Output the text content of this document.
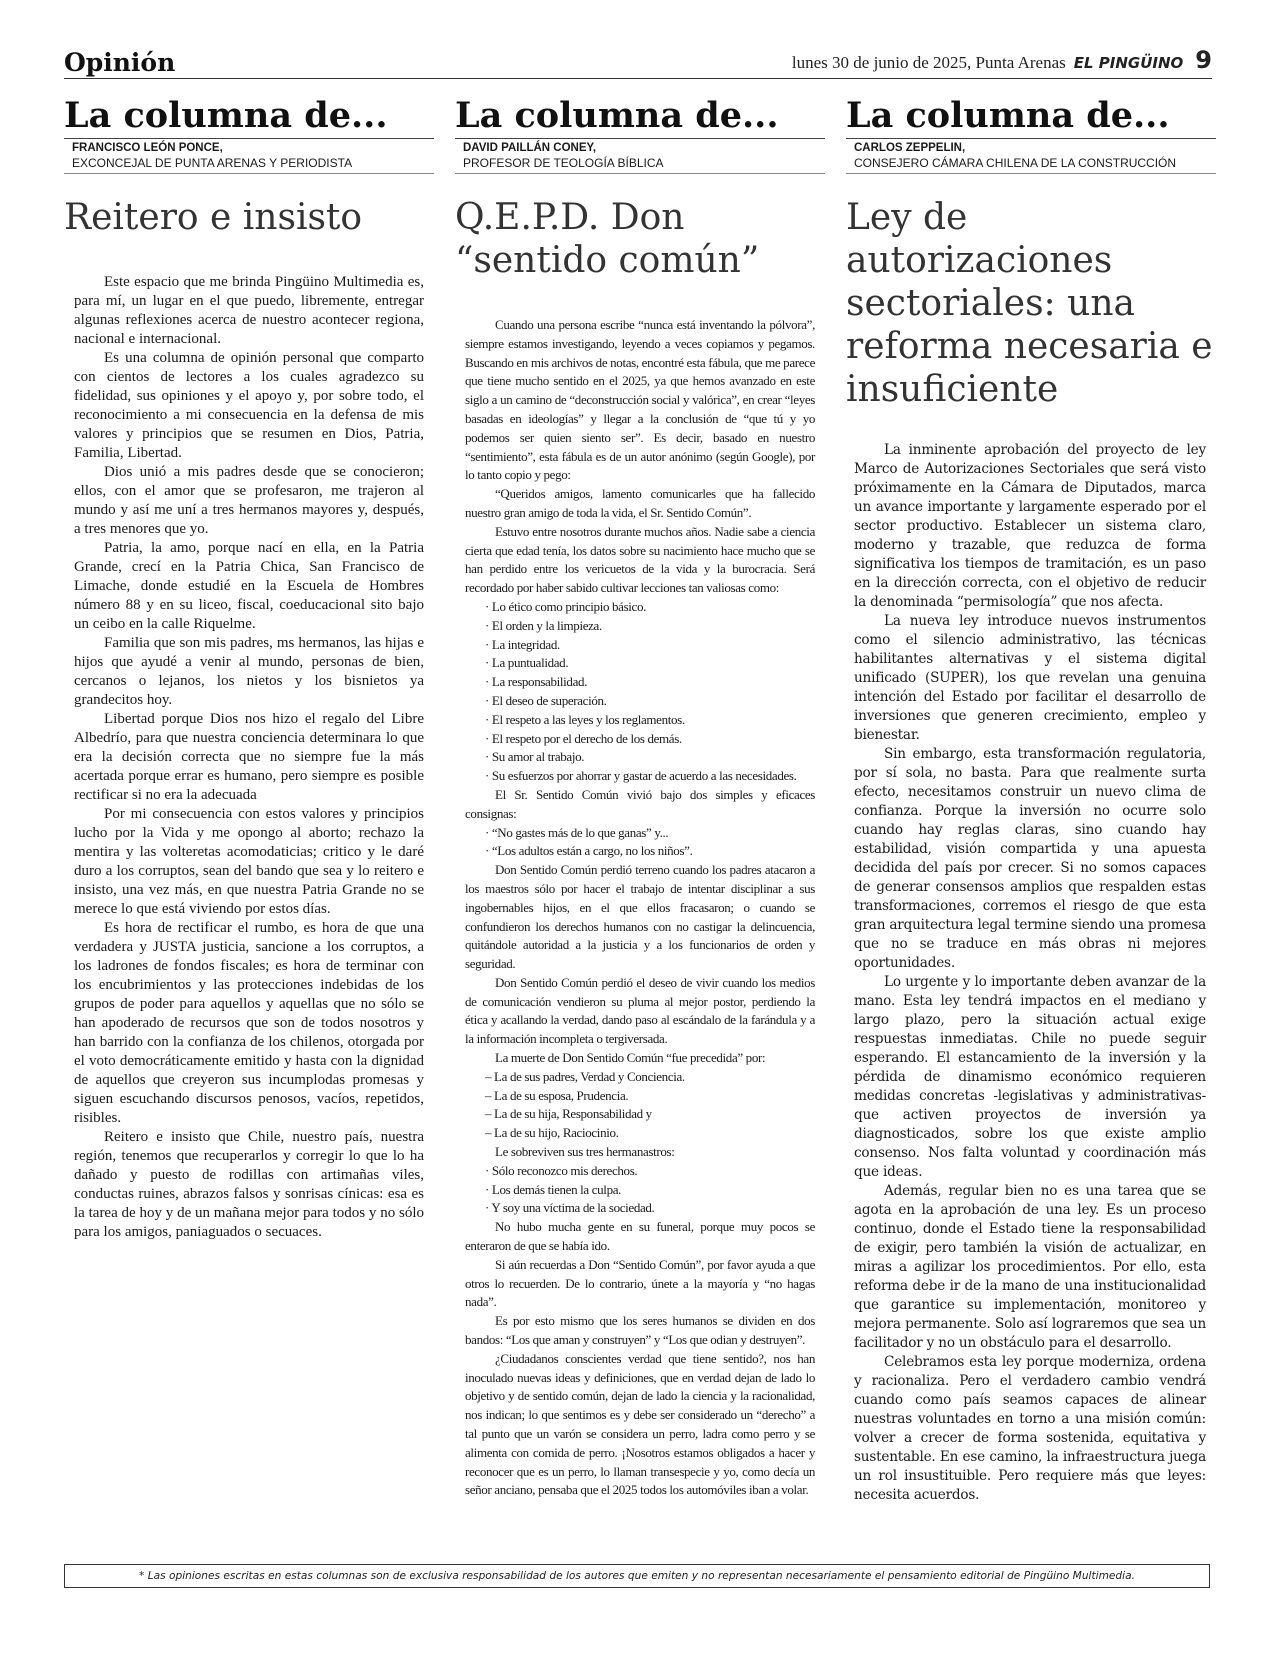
Opinión	lunes 30 de junio de 2025, Punta Arenas EL PINGÜINO 9
La columna de...
FRANCISCO LEÓN PONCE,
EXCONCEJAL DE PUNTA ARENAS Y PERIODISTA
Reitero e insisto

Este espacio que me brinda Pingüino Multimedia es, para mí, un lugar en el que puedo, libremente, entregar algunas reflexiones acerca de nuestro acontecer regiona, nacional e internacional.

Es una columna de opinión personal que comparto con cientos de lectores a los cuales agradezco su fidelidad, sus opiniones y el apoyo y, por sobre todo, el reconocimiento a mi consecuencia en la defensa de mis valores y principios que se resumen en Dios, Patria, Familia, Libertad.

Dios unió a mis padres desde que se conocieron; ellos, con el amor que se profesaron, me trajeron al mundo y así me uní a tres hermanos mayores y, después, a tres menores que yo.

Patria, la amo, porque nací en ella, en la Patria Grande, crecí en la Patria Chica, San Francisco de Limache, donde estudié en la Escuela de Hombres número 88 y en su liceo, fiscal, coeducacional sito bajo un ceibo en la calle Riquelme.

Familia que son mis padres, ms hermanos, las hijas e hijos que ayudé a venir al mundo, personas de bien, cercanos o lejanos, los nietos y los bisnietos ya grandecitos hoy.

Libertad porque Dios nos hizo el regalo del Libre Albedrío, para que nuestra conciencia determinara lo que era la decisión correcta que no siempre fue la más acertada porque errar es humano, pero siempre es posible rectificar si no era la adecuada

Por mi consecuencia con estos valores y principios lucho por la Vida y me opongo al aborto; rechazo la mentira y las volteretas acomodaticias; critico y le daré duro a los corruptos, sean del bando que sea y lo reitero e insisto, una vez más, en que nuestra Patria Grande no se merece lo que está viviendo por estos días.

Es hora de rectificar el rumbo, es hora de que una verdadera y JUSTA justicia, sancione a los corruptos, a los ladrones de fondos fiscales; es hora de terminar con los encubrimientos y las protecciones indebidas de los grupos de poder para aquellos y aquellas que no sólo se han apoderado de recursos que son de todos nosotros y han barrido con la confianza de los chilenos, otorgada por el voto democráticamente emitido y hasta con la dignidad de aquellos que creyeron sus incumplodas promesas y siguen escuchando discursos penosos, vacíos, repetidos, risibles.

Reitero e insisto que Chile, nuestro país, nuestra región, tenemos que recuperarlos y corregir lo que lo ha dañado y puesto de rodillas con artimañas viles, conductas ruines, abrazos falsos y sonrisas cínicas: esa es la tarea de hoy y de un mañana mejor para todos y no sólo para los amigos, paniaguados o secuaces.

La columna de...
DAVID PAILLÁN CONEY,
PROFESOR DE TEOLOGÍA BÍBLICA
Q.E.P.D. Don “sentido común”

Cuando una persona escribe “nunca está inventando la pólvora”, siempre estamos investigando, leyendo a veces copiamos y pegamos. Buscando en mis archivos de notas, encontré esta fábula, que me parece que tiene mucho sentido en el 2025, ya que hemos avanzado en este siglo a un camino de “deconstrucción social y valórica”, en crear “leyes basadas en ideologías” y llegar a la conclusión de “que tú y yo podemos ser quien siento ser”. Es decir, basado en nuestro “sentimiento”, esta fábula es de un autor anónimo (según Google), por lo tanto copio y pego:

“Queridos amigos, lamento comunicarles que ha fallecido nuestro gran amigo de toda la vida, el Sr. Sentido Común”.

Estuvo entre nosotros durante muchos años. Nadie sabe a ciencia cierta que edad tenía, los datos sobre su nacimiento hace mucho que se han perdido entre los vericuetos de la vida y la burocracia. Será recordado por haber sabido cultivar lecciones tan valiosas como:

· Lo ético como principio básico.

· El orden y la limpieza.

· La integridad.

· La puntualidad.

· La responsabilidad.

· El deseo de superación.

· El respeto a las leyes y los reglamentos.

· El respeto por el derecho de los demás.

· Su amor al trabajo.

· Su esfuerzos por ahorrar y gastar de acuerdo a las necesidades.

El Sr. Sentido Común vivió bajo dos simples y eficaces consignas:

· “No gastes más de lo que ganas” y...

· “Los adultos están a cargo, no los niños”.

Don Sentido Común perdió terreno cuando los padres atacaron a los maestros sólo por hacer el trabajo de intentar disciplinar a sus ingobernables hijos, en el que ellos fracasaron; o cuando se confundieron los derechos humanos con no castigar la delincuencia, quitándole autoridad a la justicia y a los funcionarios de orden y seguridad.

Don Sentido Común perdió el deseo de vivir cuando los medios de comunicación vendieron su pluma al mejor postor, perdiendo la ética y acallando la verdad, dando paso al escándalo de la farándula y a la información incompleta o tergiversada.

La muerte de Don Sentido Común “fue precedida” por:

– La de sus padres, Verdad y Conciencia.

– La de su esposa, Prudencia.

– La de su hija, Responsabilidad y

– La de su hijo, Raciocinio.

Le sobreviven sus tres hermanastros:

· Sólo reconozco mis derechos.

· Los demás tienen la culpa.

· Y soy una víctima de la sociedad.

No hubo mucha gente en su funeral, porque muy pocos se enteraron de que se había ido.

Si aún recuerdas a Don “Sentido Común”, por favor ayuda a que otros lo recuerden. De lo contrario, únete a la mayoría y “no hagas nada”.

Es por esto mismo que los seres humanos se dividen en dos bandos: “Los que aman y construyen” y “Los que odian y destruyen”.

¿Ciudadanos conscientes verdad que tiene sentido?, nos han inoculado nuevas ideas y definiciones, que en verdad dejan de lado lo objetivo y de sentido común, dejan de lado la ciencia y la racionalidad, nos indican; lo que sentimos es y debe ser considerado un “derecho” a tal punto que un varón se considera un perro, ladra como perro y se alimenta con comida de perro. ¡Nosotros estamos obligados a hacer y reconocer que es un perro, lo llaman transespecie y yo, como decía un señor anciano, pensaba que el 2025 todos los automóviles iban a volar.

La columna de...
CARLOS ZEPPELIN,
CONSEJERO CÁMARA CHILENA DE LA CONSTRUCCIÓN
Ley de autorizaciones sectoriales: una reforma necesaria e insuficiente

La inminente aprobación del proyecto de ley Marco de Autorizaciones Sectoriales que será visto próximamente en la Cámara de Diputados, marca un avance importante y largamente esperado por el sector productivo. Establecer un sistema claro, moderno y trazable, que reduzca de forma significativa los tiempos de tramitación, es un paso en la dirección correcta, con el objetivo de reducir la denominada “permisología” que nos afecta.

La nueva ley introduce nuevos instrumentos como el silencio administrativo, las técnicas habilitantes alternativas y el sistema digital unificado (SUPER), los que revelan una genuina intención del Estado por facilitar el desarrollo de inversiones que generen crecimiento, empleo y bienestar.

Sin embargo, esta transformación regulatoria, por sí sola, no basta. Para que realmente surta efecto, necesitamos construir un nuevo clima de confianza. Porque la inversión no ocurre solo cuando hay reglas claras, sino cuando hay estabilidad, visión compartida y una apuesta decidida del país por crecer. Si no somos capaces de generar consensos amplios que respalden estas transformaciones, corremos el riesgo de que esta gran arquitectura legal termine siendo una promesa que no se traduce en más obras ni mejores oportunidades.

Lo urgente y lo importante deben avanzar de la mano. Esta ley tendrá impactos en el mediano y largo plazo, pero la situación actual exige respuestas inmediatas. Chile no puede seguir esperando. El estancamiento de la inversión y la pérdida de dinamismo económico requieren medidas concretas -legislativas y administrativas- que activen proyectos de inversión ya diagnosticados, sobre los que existe amplio consenso. Nos falta voluntad y coordinación más que ideas.

Además, regular bien no es una tarea que se agota en la aprobación de una ley. Es un proceso continuo, donde el Estado tiene la responsabilidad de exigir, pero también la visión de actualizar, en miras a agilizar los procedimientos. Por ello, esta reforma debe ir de la mano de una institucionalidad que garantice su implementación, monitoreo y mejora permanente. Solo así lograremos que sea un facilitador y no un obstáculo para el desarrollo.

Celebramos esta ley porque moderniza, ordena y racionaliza. Pero el verdadero cambio vendrá cuando como país seamos capaces de alinear nuestras voluntades en torno a una misión común: volver a crecer de forma sostenida, equitativa y sustentable. En ese camino, la infraestructura juega un rol insustituible. Pero requiere más que leyes: necesita acuerdos.

* Las opiniones escritas en estas columnas son de exclusiva responsabilidad de los autores que emiten y no representan necesariamente el pensamiento editorial de Pingüino Multimedia.
